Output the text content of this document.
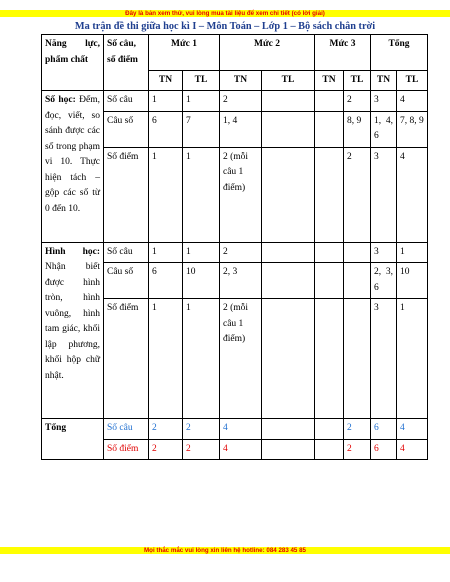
Đây là bản xem thử, vui lòng mua tài liệu để xem chi tiết (có lời giải)
Ma trận đề thi giữa học kì I – Môn Toán – Lớp 1 – Bộ sách chân trời
Năng lực, phẩm chất	Số câu, số điểm	Mức 1		Mức 2		Mức 3		Tổng	
		TN	TL	TN	TL	TN	TL	TN	TL
Số học: Đếm, đọc, viết, so sánh được các số trong phạm vi 10. Thực hiện tách – gộp các số từ 0 đến 10.	Số câu	1	1	2			2	3	4
	Câu số	6	7	1, 4			8, 9	1, 4, 6	7, 8, 9
	Số điểm	1	1	2 (mỗi câu 1 điểm)			2	3	4
Hình học: Nhận biết được hình tròn, hình vuông, hình tam giác, khối lập phương, khối hộp chữ nhật.	Số câu	1	1	2				3	1
	Câu số	6	10	2, 3				2, 3, 6	10
	Số điểm	1	1	2 (mỗi câu 1 điểm)				3	1
Tổng	Số câu	2	2	4			2	6	4
	Số điểm	2	2	4			2	6	4
Mọi thắc mắc vui lòng xin liên hệ hotline: 084 283 45 85
